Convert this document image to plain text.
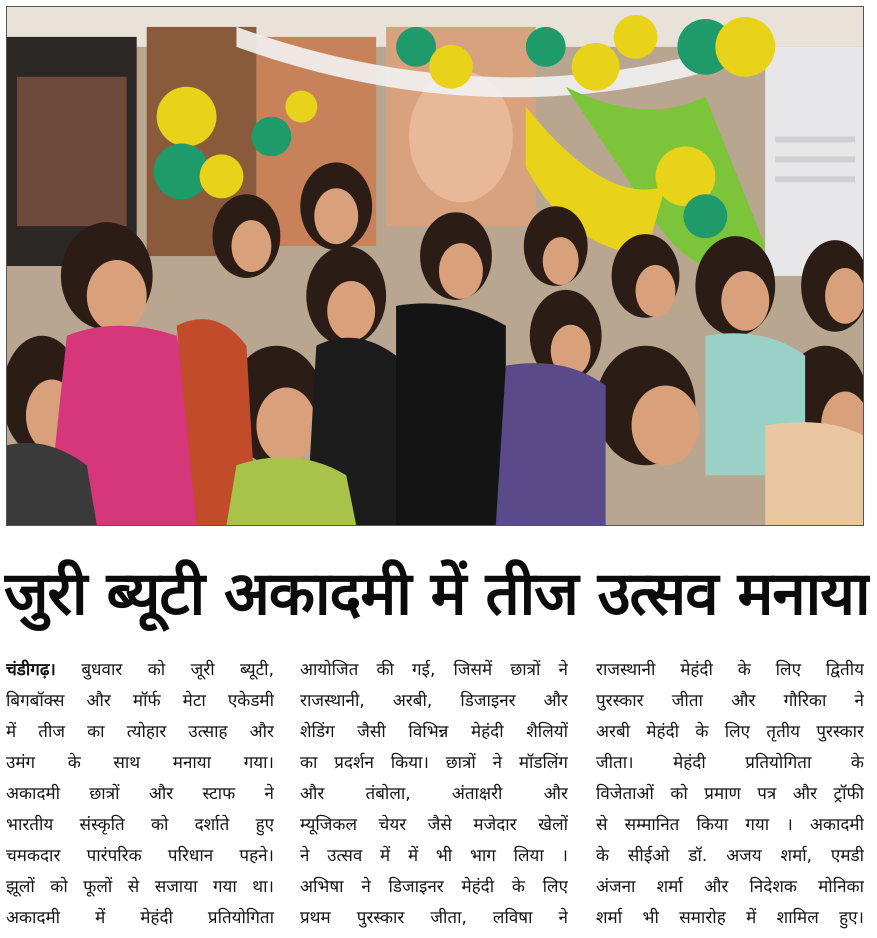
जुरी ब्यूटी अकादमी में तीज उत्सव मनाया
चंडीगढ़। बुधवार को जूरी ब्यूटी,
बिगबॉक्स और मॉर्फ मेटा एकेडमी
में तीज का त्योहार उत्साह और
उमंग के साथ मनाया गया।
अकादमी छात्रों और स्टाफ ने
भारतीय संस्कृति को दर्शाते हुए
चमकदार पारंपरिक परिधान पहने।
झूलों को फूलों से सजाया गया था।
अकादमी में मेहंदी प्रतियोगिता
आयोजित की गई, जिसमें छात्रों ने
राजस्थानी, अरबी, डिजाइनर और
शेडिंग जैसी विभिन्न मेहंदी शैलियों
का प्रदर्शन किया। छात्रों ने मॉडलिंग
और तंबोला, अंताक्षरी और
म्यूजिकल चेयर जैसे मजेदार खेलों
ने उत्सव में में भी भाग लिया ।
अभिषा ने डिजाइनर मेहंदी के लिए
प्रथम पुरस्कार जीता, लविषा ने
राजस्थानी मेहंदी के लिए द्वितीय
पुरस्कार जीता और गौरिका ने
अरबी मेहंदी के लिए तृतीय पुरस्कार
जीता। मेहंदी प्रतियोगिता के
विजेताओं को प्रमाण पत्र और ट्रॉफी
से सम्मानित किया गया । अकादमी
के सीईओ डॉ. अजय शर्मा, एमडी
अंजना शर्मा और निदेशक मोनिका
शर्मा भी समारोह में शामिल हुए।
